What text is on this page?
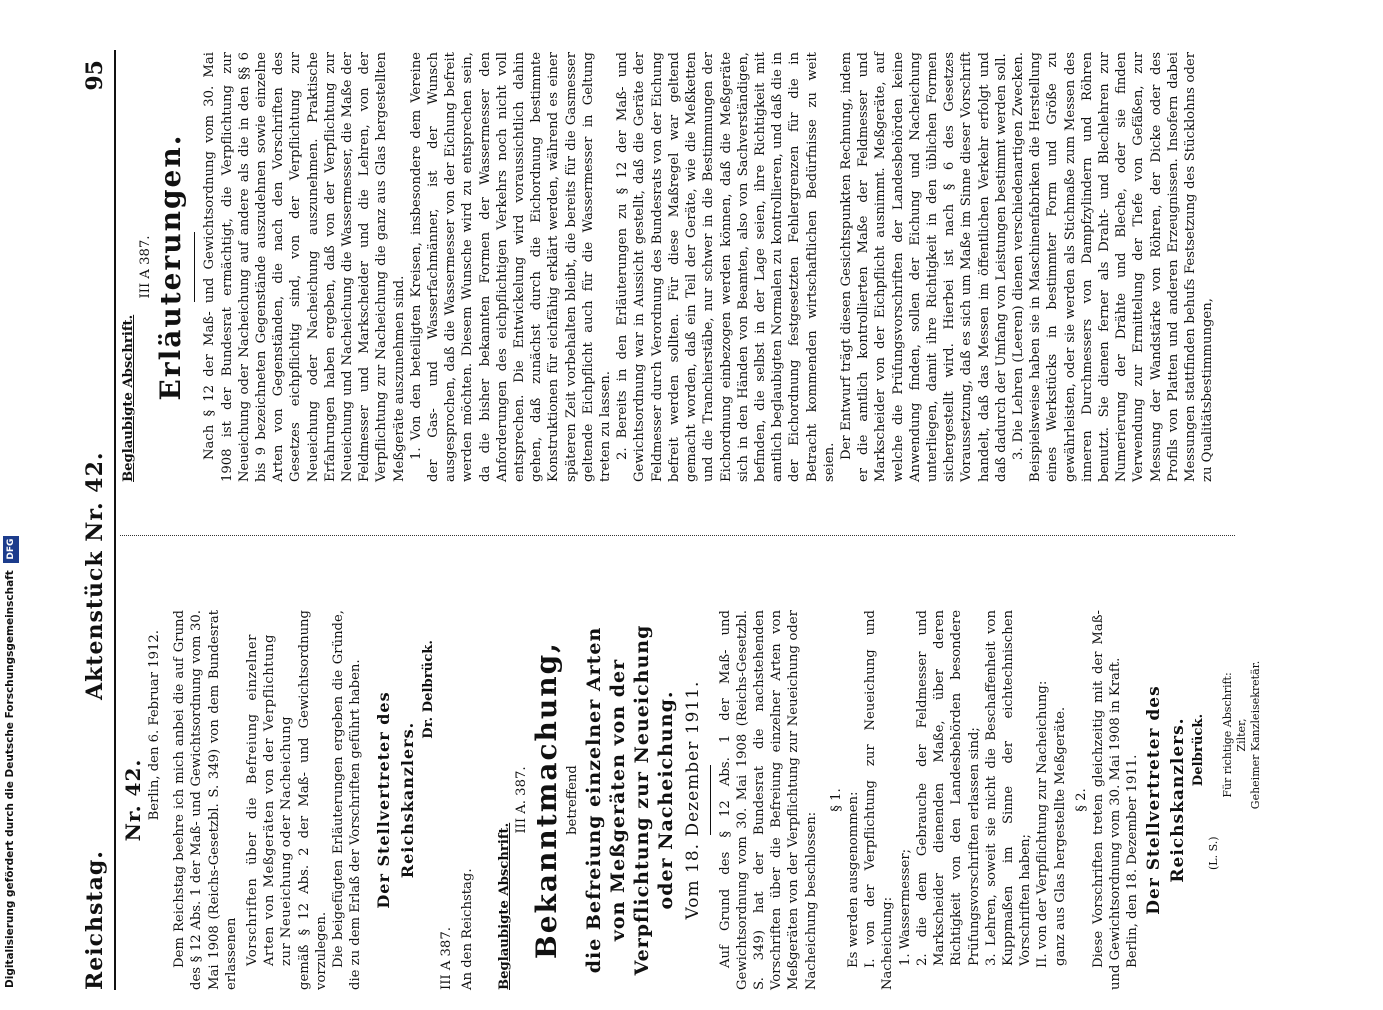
Digitalisierung gefördert durch die Deutsche Forschungsgemeinschaft DFG
Reichstag.
Aktenstück Nr. 42.
95

Nr. 42. Berlin, den 6. Februar 1912. Dem Reichstag beehre ich mich anbei die auf Grund des § 12 Abs. 1 der Maß- und Gewichtsordnung vom 30. Mai 1908 (Reichs-Gesetzbl. S. 349) von dem Bundesrat erlassenen Vorschriften über die Befreiung einzelner Arten von Meßgeräten von der Verpflichtung zur Neueichung oder Nacheichung gemäß § 12 Abs. 2 der Maß- und Gewichtsordnung vorzulegen. Die beigefügten Erläuterungen ergeben die Gründe, die zu dem Erlaß der Vorschriften geführt haben. Der Stellvertreter des Reichskanzlers.

Dr. Delbrück.

III A 387. An den Reichstag. Beglaubigte Abschrift.

III A. 387. Bekanntmachung, betreffend die Befreiung einzelner Arten von Meßgeräten von der Verpflichtung zur Neueichung oder Nacheichung. Vom 18. Dezember 1911. Auf Grund des § 12 Abs. 1 der Maß- und Gewichtsordnung vom 30. Mai 1908 (Reichs-Gesetzbl. S. 349) hat der Bundesrat die nachstehenden Vorschriften über die Befreiung einzelner Arten von Meßgeräten von der Verpflichtung zur Neueichung oder Nacheichung beschlossen:

§ 1. Es werden ausgenommen: I. von der Verpflichtung zur Neueichung und Nacheichung: 1. Wassermesser; 2. die dem Gebrauche der Feldmesser und Markscheider dienenden Maße, über deren Richtigkeit von den Landesbehörden besondere Prüfungsvorschriften erlassen sind; 3. Lehren, soweit sie nicht die Beschaffenheit von Kuppmaßen im Sinne der eichtechnischen Vorschriften haben; II. von der Verpflichtung zur Nacheichung: ganz aus Glas hergestellte Meßgeräte. § 2. Diese Vorschriften treten gleichzeitig mit der Maß- und Gewichtsordnung vom 30. Mai 1908 in Kraft. Berlin, den 18. Dezember 1911. Der Stellvertreter des Reichskanzlers. Delbrück.

(L. S.)

Für richtige Abschrift: Zilter, Geheimer Kanzleisekretär.

Beglaubigte Abschrift.

III A 387. Erläuterungen. Nach § 12 der Maß- und Gewichtsordnung vom 30. Mai 1908 ist der Bundesrat ermächtigt, die Verpflichtung zur Neueichung oder Nacheichung auf andere als die in den §§ 6 bis 9 bezeichneten Gegenstände auszudehnen sowie einzelne Arten von Gegenständen, die nach den Vorschriften des Gesetzes eichpflichtig sind, von der Verpflichtung zur Neueichung oder Nacheichung auszunehmen. Praktische Erfahrungen haben ergeben, daß von der Verpflichtung zur Neueichung und Nacheichung die Wassermesser, die Maße der Feldmesser und Markscheider und die Lehren, von der Verpflichtung zur Nacheichung die ganz aus Glas hergestellten Meßgeräte auszunehmen sind. 1. Von den beteiligten Kreisen, insbesondere dem Vereine der Gas- und Wasserfachmänner, ist der Wunsch ausgesprochen, daß die Wassermesser von der Eichung befreit werden möchten. Diesem Wunsche wird zu entsprechen sein, da die bisher bekannten Formen der Wassermesser den Anforderungen des eichpflichtigen Verkehrs noch nicht voll entsprechen. Die Entwickelung wird voraussichtlich dahin gehen, daß zunächst durch die Eichordnung bestimmte Konstruktionen für eichfähig erklärt werden, während es einer späteren Zeit vorbehalten bleibt, die bereits für die Gasmesser geltende Eichpflicht auch für die Wassermesser in Geltung treten zu lassen. 2. Bereits in den Erläuterungen zu § 12 der Maß- und Gewichtsordnung war in Aussicht gestellt, daß die Geräte der Feldmesser durch Verordnung des Bundesrats von der Eichung befreit werden sollten. Für diese Maßregel war geltend gemacht worden, daß ein Teil der Geräte, wie die Meßketten und die Tranchierstäbe, nur schwer in die Bestimmungen der Eichordnung einbezogen werden können, daß die Meßgeräte sich in den Händen von Beamten, also von Sachverständigen, befinden, die selbst in der Lage seien, ihre Richtigkeit mit amtlich beglaubigten Normalen zu kontrollieren, und daß die in der Eichordnung festgesetzten Fehlergrenzen für die in Betracht kommenden wirtschaftlichen Bedürfnisse zu weit seien.

Der Entwurf trägt diesen Gesichtspunkten Rechnung, indem er die amtlich kontrollierten Maße der Feldmesser und Markscheider von der Eichpflicht ausnimmt. Meßgeräte, auf welche die Prüfungsvorschriften der Landesbehörden keine Anwendung finden, sollen der Eichung und Nacheichung unterliegen, damit ihre Richtigkeit in den üblichen Formen sichergestellt wird. Hierbei ist nach § 6 des Gesetzes Voraussetzung, daß es sich um Maße im Sinne dieser Vorschrift handelt, daß das Messen im öffentlichen Verkehr erfolgt und daß dadurch der Umfang von Leistungen bestimmt werden soll. 3. Die Lehren (Leeren) dienen verschiedenartigen Zwecken. Beispielsweise haben sie in Maschinenfabriken die Herstellung eines Werkstücks in bestimmter Form und Größe zu gewährleisten, oder sie werden als Stichmaße zum Messen des inneren Durchmessers von Dampfzylindern und Röhren benutzt. Sie dienen ferner als Draht- und Blechlehren zur Numerierung der Drähte und Bleche, oder sie finden Verwendung zur Ermittelung der Tiefe von Gefäßen, zur Messung der Wandstärke von Röhren, der Dicke oder des Profils von Platten und anderen Erzeugnissen. Insofern dabei Messungen stattfinden behufs Festsetzung des Stücklohns oder zu Qualitätsbestimmungen,
